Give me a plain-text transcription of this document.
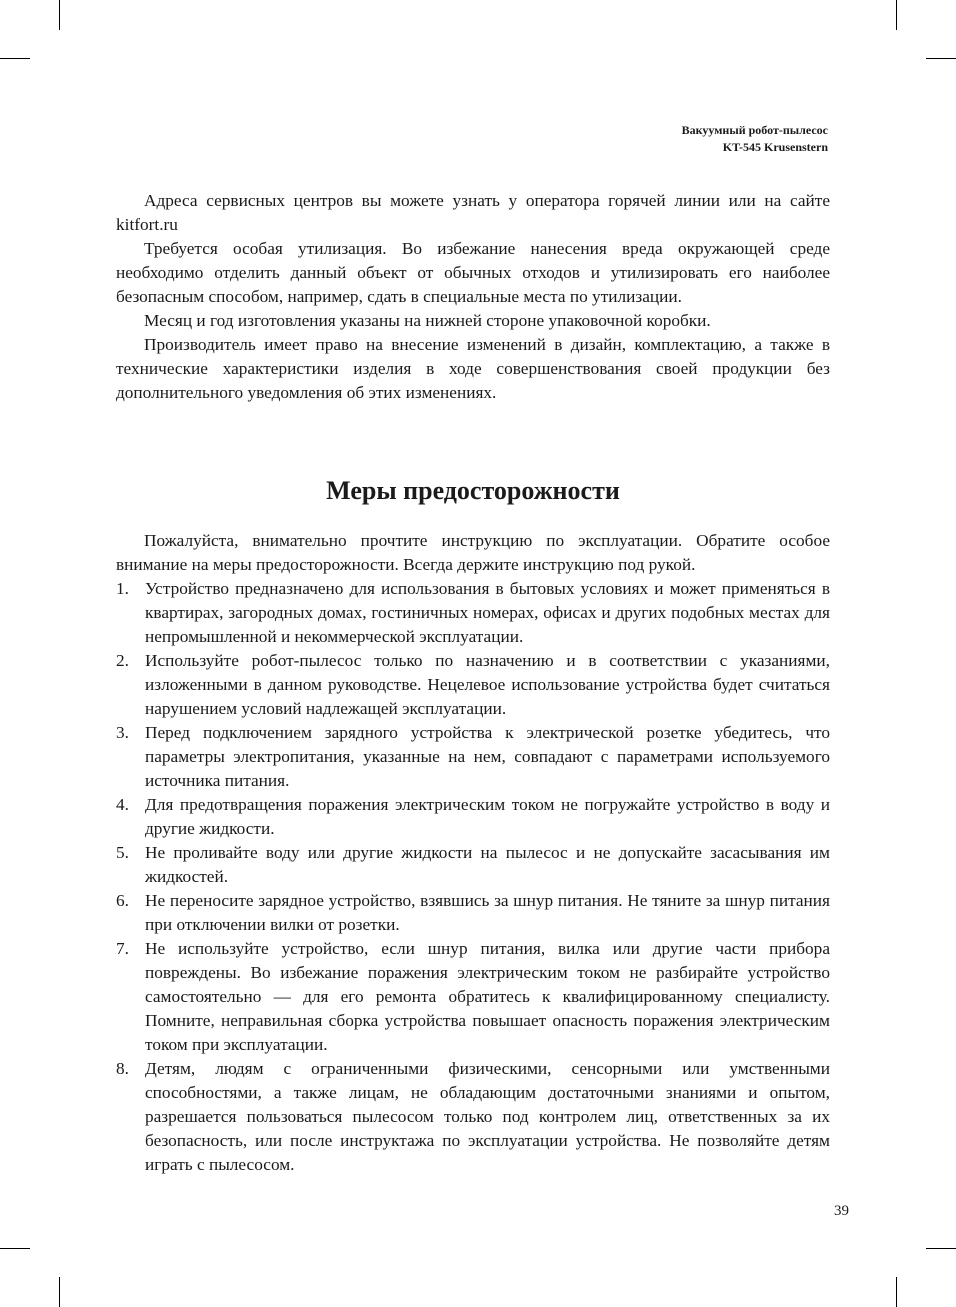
Вакуумный робот-пылесос
KT-545 Krusenstern

Адреса сервисных центров вы можете узнать у оператора горячей линии или на сайте kitfort.ru

Требуется особая утилизация. Во избежание нанесения вреда окружающей среде необходимо отделить данный объект от обычных отходов и утилизировать его наиболее безопасным способом, например, сдать в специальные места по утилизации.

Месяц и год изготовления указаны на нижней стороне упаковочной коробки.

Производитель имеет право на внесение изменений в дизайн, комплектацию, а также в технические характеристики изделия в ходе совершенствования своей продукции без дополнительного уведомления об этих изменениях.

Меры предосторожности

Пожалуйста, внимательно прочтите инструкцию по эксплуатации. Обратите особое внимание на меры предосторожности. Всегда держите инструкцию под рукой.

1. Устройство предназначено для использования в бытовых условиях и может применяться в квартирах, загородных домах, гостиничных номерах, офисах и других подобных местах для непромышленной и некоммерческой эксплуатации.
2. Используйте робот-пылесос только по назначению и в соответствии с указаниями, изложенными в данном руководстве. Нецелевое использование устройства будет считаться нарушением условий надлежащей эксплуатации.
3. Перед подключением зарядного устройства к электрической розетке убедитесь, что параметры электропитания, указанные на нем, совпадают с параметрами используемого источника питания.
4. Для предотвращения поражения электрическим током не погружайте устройство в воду и другие жидкости.
5. Не проливайте воду или другие жидкости на пылесос и не допускайте засасывания им жидкостей.
6. Не переносите зарядное устройство, взявшись за шнур питания. Не тяните за шнур питания при отключении вилки от розетки.
7. Не используйте устройство, если шнур питания, вилка или другие части прибора повреждены. Во избежание поражения электрическим током не разбирайте устройство самостоятельно — для его ремонта обратитесь к квалифицированному специалисту. Помните, неправильная сборка устройства повышает опасность поражения электрическим током при эксплуатации.
8. Детям, людям с ограниченными физическими, сенсорными или умственными способностями, а также лицам, не обладающим достаточными знаниями и опытом, разрешается пользоваться пылесосом только под контролем лиц, ответственных за их безопасность, или после инструктажа по эксплуатации устройства. Не позволяйте детям играть с пылесосом.
39
